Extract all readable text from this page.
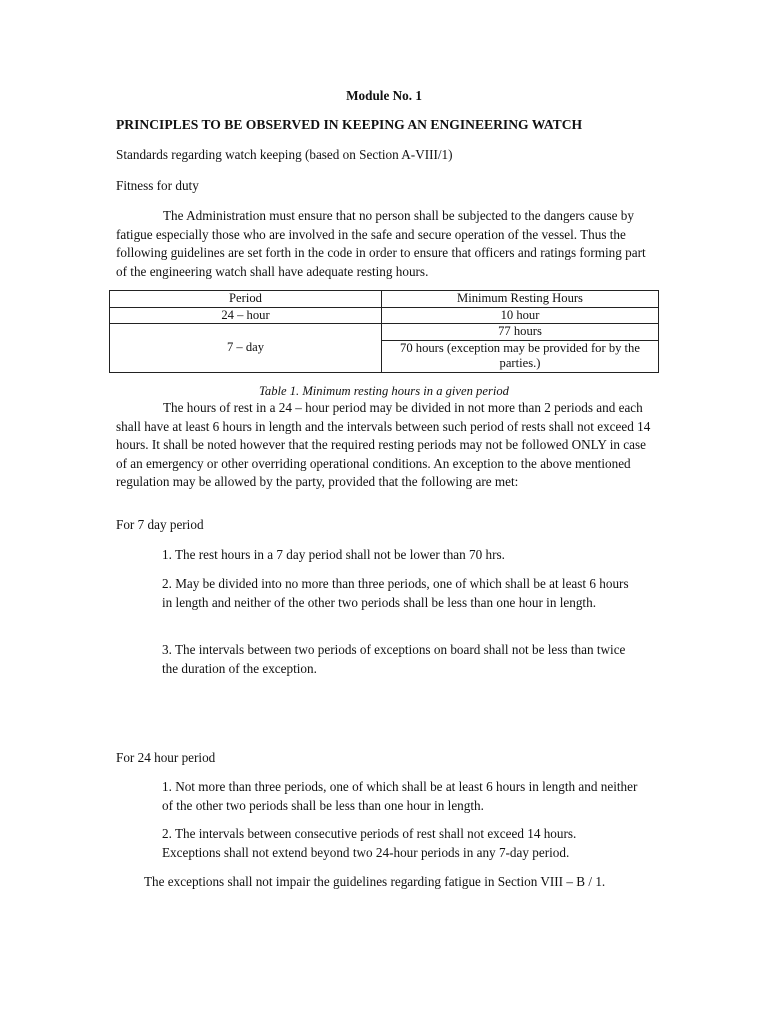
Module No. 1

PRINCIPLES TO BE OBSERVED IN KEEPING AN ENGINEERING WATCH

Standards regarding watch keeping (based on Section A-VIII/1)

Fitness for duty

The Administration must ensure that no person shall be subjected to the dangers cause by fatigue especially those who are involved in the safe and secure operation of the vessel. Thus the following guidelines are set forth in the code in order to ensure that officers and ratings forming part of the engineering watch shall have adequate resting hours.

Period	Minimum Resting Hours
24 – hour	10 hour
7 – day	77 hours
	70 hours (exception may be provided for by the parties.)

Table 1. Minimum resting hours in a given period

The hours of rest in a 24 – hour period may be divided in not more than 2 periods and each shall have at least 6 hours in length and the intervals between such period of rests shall not exceed 14 hours. It shall be noted however that the required resting periods may not be followed ONLY in case of an emergency or other overriding operational conditions. An exception to the above mentioned regulation may be allowed by the party, provided that the following are met:

For 7 day period

1. The rest hours in a 7 day period shall not be lower than 70 hrs.

2. May be divided into no more than three periods, one of which shall be at least 6 hours in length and neither of the other two periods shall be less than one hour in length.

3. The intervals between two periods of exceptions on board shall not be less than twice the duration of the exception.

For 24 hour period

1. Not more than three periods, one of which shall be at least 6 hours in length and neither of the other two periods shall be less than one hour in length.

2. The intervals between consecutive periods of rest shall not exceed 14 hours. Exceptions shall not extend beyond two 24-hour periods in any 7-day period.

The exceptions shall not impair the guidelines regarding fatigue in Section VIII – B / 1.
